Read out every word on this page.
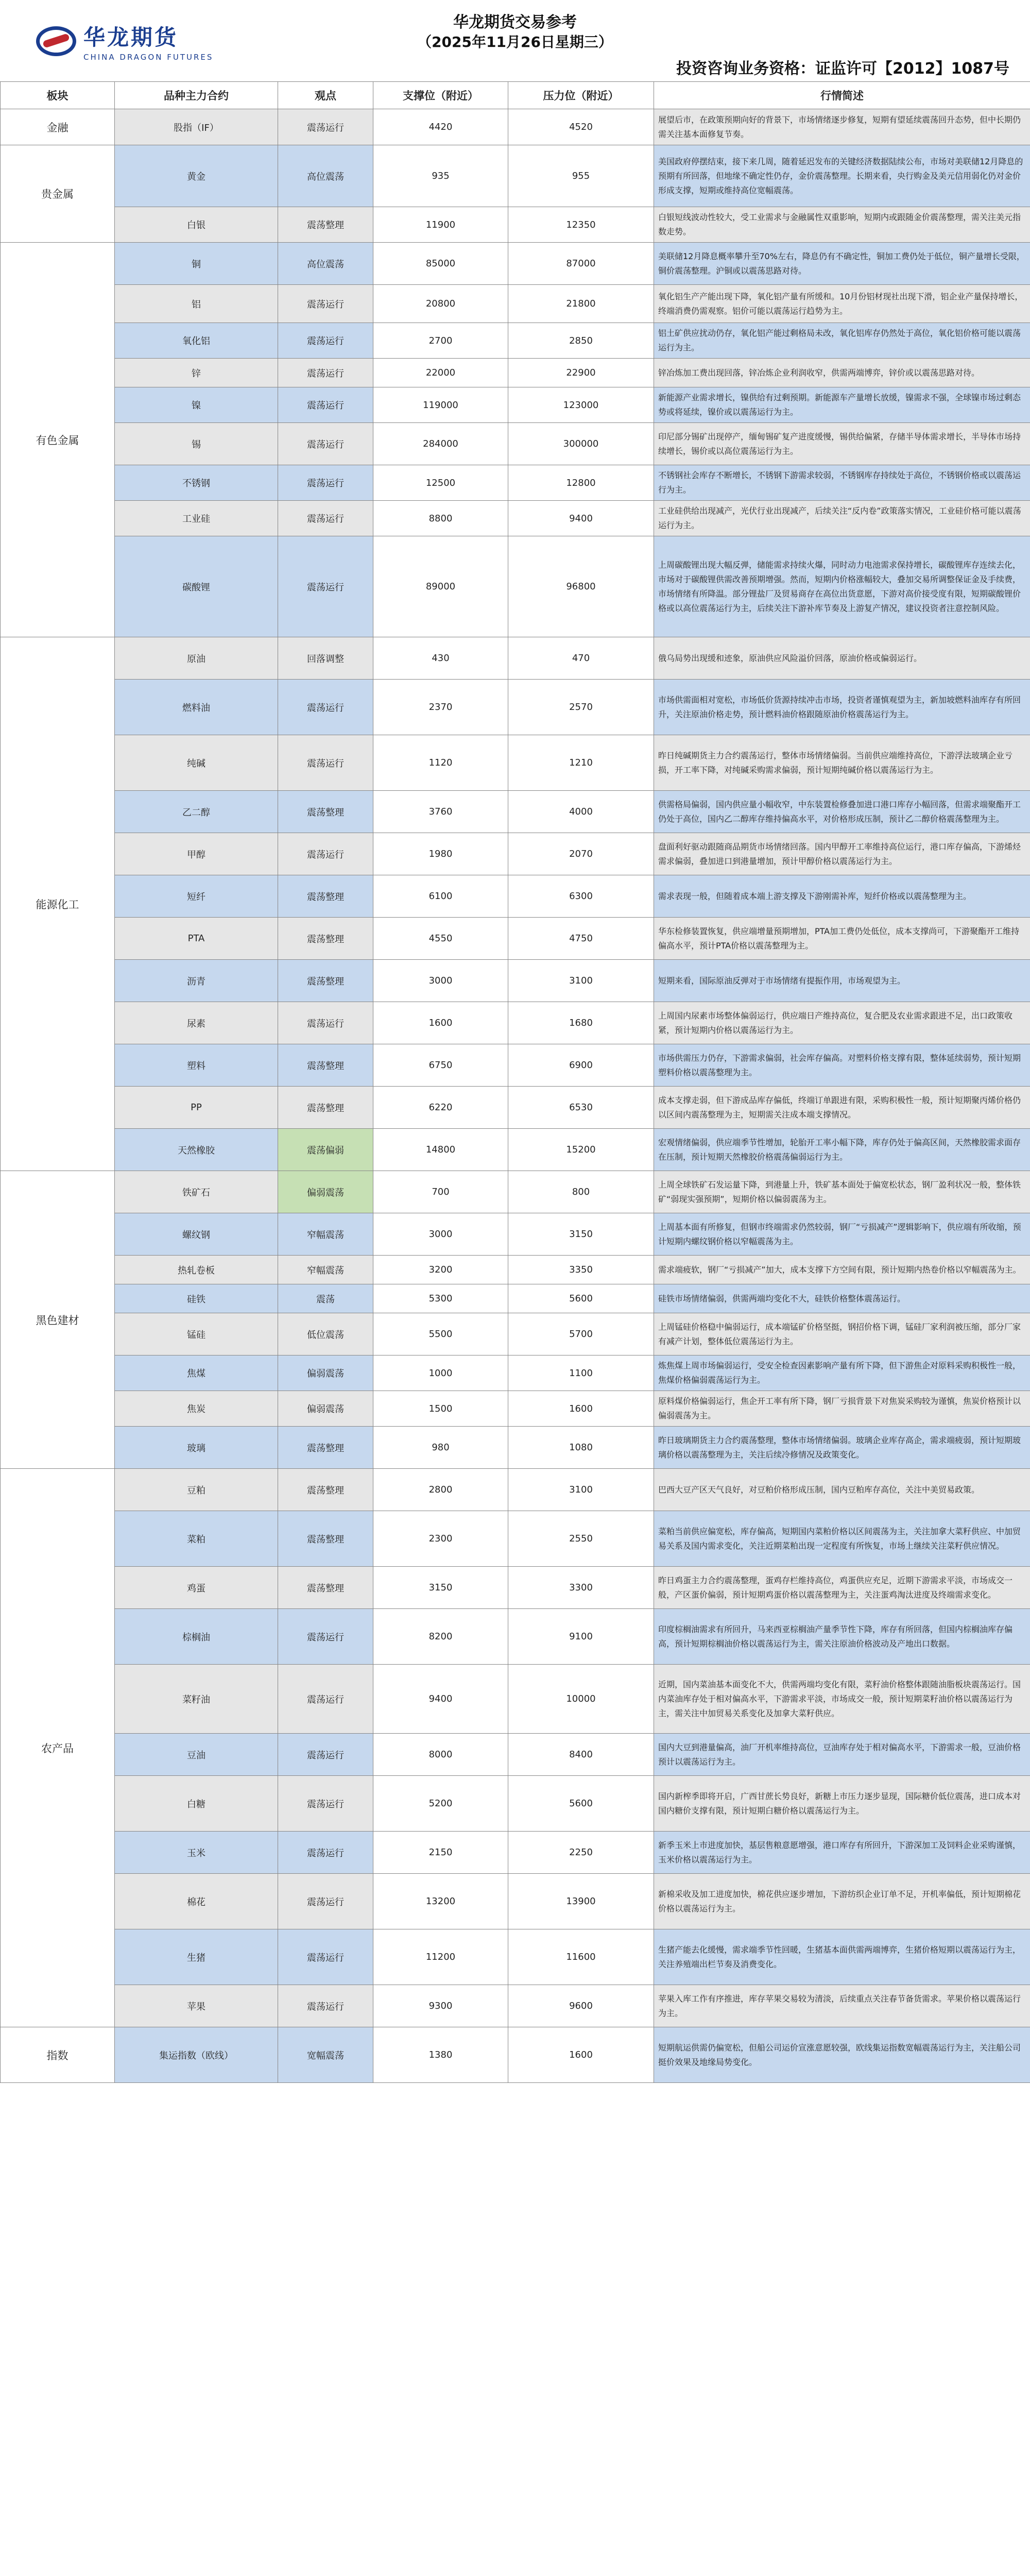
华龙期货
CHINA DRAGON FUTURES
华龙期货交易参考
（2025年11月26日星期三）
投资咨询业务资格：证监许可【2012】1087号
板块	品种主力合约	观点	支撑位（附近）	压力位（附近）	行情简述
金融	股指（IF）	震荡运行	4420	4520	展望后市，在政策预期向好的背景下，市场情绪逐步修复，短期有望延续震荡回升态势，但中长期仍需关注基本面修复节奏。
贵金属	黄金	高位震荡	935	955	美国政府停摆结束，接下来几周，随着延迟发布的关键经济数据陆续公布，市场对美联储12月降息的预期有所回落，但地缘不确定性仍存，金价震荡整理。长期来看，央行购金及美元信用弱化仍对金价形成支撑，短期或维持高位宽幅震荡。
	白银	震荡整理	11900	12350	白银短线波动性较大，受工业需求与金融属性双重影响，短期内或跟随金价震荡整理，需关注美元指数走势。
有色金属	铜	高位震荡	85000	87000	美联储12月降息概率攀升至70%左右，降息仍有不确定性，铜加工费仍处于低位，铜产量增长受限，铜价震荡整理。沪铜或以震荡思路对待。
	铝	震荡运行	20800	21800	氧化铝生产产能出现下降，氧化铝产量有所缓和。10月份铝材现社出现下滑，铝企业产量保持增长，终端消费仍需观察。铝价可能以震荡运行趋势为主。
	氧化铝	震荡运行	2700	2850	铝土矿供应扰动仍存，氧化铝产能过剩格局未改，氧化铝库存仍然处于高位，氧化铝价格可能以震荡运行为主。
	锌	震荡运行	22000	22900	锌冶炼加工费出现回落，锌冶炼企业利润收窄，供需两端博弈，锌价或以震荡思路对待。
	镍	震荡运行	119000	123000	新能源产业需求增长，镍供给有过剩预期。新能源车产量增长放缓，镍需求不强，全球镍市场过剩态势或将延续，镍价或以震荡运行为主。
	锡	震荡运行	284000	300000	印尼部分锡矿出现停产，缅甸锡矿复产进度缓慢，锡供给偏紧，存储半导体需求增长，半导体市场持续增长，锡价或以高位震荡运行为主。
	不锈钢	震荡运行	12500	12800	不锈钢社会库存不断增长，不锈钢下游需求较弱，不锈钢库存持续处于高位，不锈钢价格或以震荡运行为主。
	工业硅	震荡运行	8800	9400	工业硅供给出现减产，光伏行业出现减产，后续关注“反内卷”政策落实情况，工业硅价格可能以震荡运行为主。
	碳酸锂	震荡运行	89000	96800	上周碳酸锂出现大幅反弹，储能需求持续火爆，同时动力电池需求保持增长，碳酸锂库存连续去化，市场对于碳酸锂供需改善预期增强。然而，短期内价格涨幅较大，叠加交易所调整保证金及手续费，市场情绪有所降温。部分锂盐厂及贸易商存在高位出货意愿，下游对高价接受度有限，短期碳酸锂价格或以高位震荡运行为主，后续关注下游补库节奏及上游复产情况，建议投资者注意控制风险。
能源化工	原油	回落调整	430	470	俄乌局势出现缓和迹象，原油供应风险溢价回落，原油价格或偏弱运行。
	燃料油	震荡运行	2370	2570	市场供需面相对宽松，市场低价货源持续冲击市场，投资者谨慎观望为主，新加坡燃料油库存有所回升，关注原油价格走势，预计燃料油价格跟随原油价格震荡运行为主。
	纯碱	震荡运行	1120	1210	昨日纯碱期货主力合约震荡运行，整体市场情绪偏弱。当前供应端维持高位，下游浮法玻璃企业亏损，开工率下降，对纯碱采购需求偏弱，预计短期纯碱价格以震荡运行为主。
	乙二醇	震荡整理	3760	4000	供需格局偏弱，国内供应量小幅收窄，中东装置检修叠加进口港口库存小幅回落，但需求端聚酯开工仍处于高位，国内乙二醇库存维持偏高水平，对价格形成压制，预计乙二醇价格震荡整理为主。
	甲醇	震荡运行	1980	2070	盘面利好驱动跟随商品期货市场情绪回落。国内甲醇开工率维持高位运行，港口库存偏高，下游烯烃需求偏弱，叠加进口到港量增加，预计甲醇价格以震荡运行为主。
	短纤	震荡整理	6100	6300	需求表现一般，但随着成本端上游支撑及下游刚需补库，短纤价格或以震荡整理为主。
	PTA	震荡整理	4550	4750	华东检修装置恢复，供应端增量预期增加，PTA加工费仍处低位，成本支撑尚可，下游聚酯开工维持偏高水平，预计PTA价格以震荡整理为主。
	沥青	震荡整理	3000	3100	短期来看，国际原油反弹对于市场情绪有提振作用，市场观望为主。
	尿素	震荡运行	1600	1680	上周国内尿素市场整体偏弱运行，供应端日产维持高位，复合肥及农业需求跟进不足，出口政策收紧，预计短期内价格以震荡运行为主。
	塑料	震荡整理	6750	6900	市场供需压力仍存，下游需求偏弱，社会库存偏高。对塑料价格支撑有限，整体延续弱势，预计短期塑料价格以震荡整理为主。
	PP	震荡整理	6220	6530	成本支撑走弱，但下游成品库存偏低，终端订单跟进有限，采购积极性一般，预计短期聚丙烯价格仍以区间内震荡整理为主，短期需关注成本端支撑情况。
	天然橡胶	震荡偏弱	14800	15200	宏观情绪偏弱，供应端季节性增加，轮胎开工率小幅下降，库存仍处于偏高区间，天然橡胶需求面存在压制，预计短期天然橡胶价格震荡偏弱运行为主。
黑色建材	铁矿石	偏弱震荡	700	800	上周全球铁矿石发运量下降，到港量上升，铁矿基本面处于偏宽松状态，钢厂盈利状况一般，整体铁矿“弱现实强预期”，短期价格以偏弱震荡为主。
	螺纹钢	窄幅震荡	3000	3150	上周基本面有所修复，但钢市终端需求仍然较弱，钢厂“亏损减产”逻辑影响下，供应端有所收缩，预计短期内螺纹钢价格以窄幅震荡为主。
	热轧卷板	窄幅震荡	3200	3350	需求端疲软，钢厂“亏损减产”加大，成本支撑下方空间有限，预计短期内热卷价格以窄幅震荡为主。
	硅铁	震荡	5300	5600	硅铁市场情绪偏弱，供需两端均变化不大，硅铁价格整体震荡运行。
	锰硅	低位震荡	5500	5700	上周锰硅价格稳中偏弱运行，成本端锰矿价格坚挺，钢招价格下调，锰硅厂家利润被压缩，部分厂家有减产计划，整体低位震荡运行为主。
	焦煤	偏弱震荡	1000	1100	炼焦煤上周市场偏弱运行，受安全检查因素影响产量有所下降，但下游焦企对原料采购积极性一般，焦煤价格偏弱震荡运行为主。
	焦炭	偏弱震荡	1500	1600	原料煤价格偏弱运行，焦企开工率有所下降，钢厂亏损背景下对焦炭采购较为谨慎，焦炭价格预计以偏弱震荡为主。
	玻璃	震荡整理	980	1080	昨日玻璃期货主力合约震荡整理，整体市场情绪偏弱。玻璃企业库存高企，需求端疲弱，预计短期玻璃价格以震荡整理为主，关注后续冷修情况及政策变化。
农产品	豆粕	震荡整理	2800	3100	巴西大豆产区天气良好，对豆粕价格形成压制，国内豆粕库存高位，关注中美贸易政策。
	菜粕	震荡整理	2300	2550	菜粕当前供应偏宽松，库存偏高，短期国内菜粕价格以区间震荡为主，关注加拿大菜籽供应、中加贸易关系及国内需求变化，关注近期菜粕出现一定程度有所恢复，市场上继续关注菜籽供应情况。
	鸡蛋	震荡整理	3150	3300	昨日鸡蛋主力合约震荡整理，蛋鸡存栏维持高位，鸡蛋供应充足，近期下游需求平淡，市场成交一般，产区蛋价偏弱，预计短期鸡蛋价格以震荡整理为主，关注蛋鸡淘汰进度及终端需求变化。
	棕榈油	震荡运行	8200	9100	印度棕榈油需求有所回升，马来西亚棕榈油产量季节性下降，库存有所回落，但国内棕榈油库存偏高，预计短期棕榈油价格以震荡运行为主，需关注原油价格波动及产地出口数据。
	菜籽油	震荡运行	9400	10000	近期，国内菜油基本面变化不大，供需两端均变化有限，菜籽油价格整体跟随油脂板块震荡运行。国内菜油库存处于相对偏高水平，下游需求平淡，市场成交一般，预计短期菜籽油价格以震荡运行为主，需关注中加贸易关系变化及加拿大菜籽供应。
	豆油	震荡运行	8000	8400	国内大豆到港量偏高，油厂开机率维持高位，豆油库存处于相对偏高水平，下游需求一般，豆油价格预计以震荡运行为主。
	白糖	震荡运行	5200	5600	国内新榨季即将开启，广西甘蔗长势良好，新糖上市压力逐步显现，国际糖价低位震荡，进口成本对国内糖价支撑有限，预计短期白糖价格以震荡运行为主。
	玉米	震荡运行	2150	2250	新季玉米上市进度加快，基层售粮意愿增强，港口库存有所回升，下游深加工及饲料企业采购谨慎，玉米价格以震荡运行为主。
	棉花	震荡运行	13200	13900	新棉采收及加工进度加快，棉花供应逐步增加，下游纺织企业订单不足，开机率偏低，预计短期棉花价格以震荡运行为主。
	生猪	震荡运行	11200	11600	生猪产能去化缓慢，需求端季节性回暖，生猪基本面供需两端博弈，生猪价格短期以震荡运行为主，关注养殖端出栏节奏及消费变化。
	苹果	震荡运行	9300	9600	苹果入库工作有序推进，库存苹果交易较为清淡，后续重点关注春节备货需求。苹果价格以震荡运行为主。
指数	集运指数（欧线）	宽幅震荡	1380	1600	短期航运供需仍偏宽松，但船公司运价宣涨意愿较强，欧线集运指数宽幅震荡运行为主，关注船公司挺价效果及地缘局势变化。
